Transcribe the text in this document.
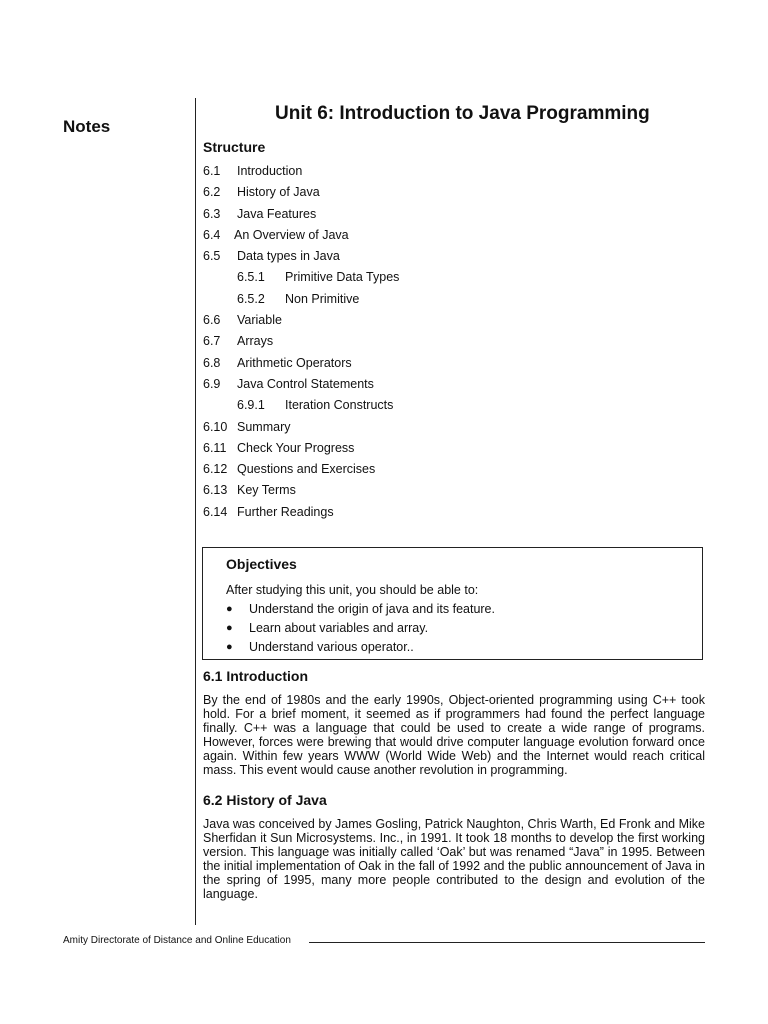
Notes
Unit 6: Introduction to Java Programming
Structure
6.1 Introduction
6.2 History of Java
6.3 Java Features
6.4 An Overview of Java
6.5 Data types in Java
6.5.1 Primitive Data Types
6.5.2 Non Primitive
6.6 Variable
6.7 Arrays
6.8 Arithmetic Operators
6.9 Java Control Statements
6.9.1 Iteration Constructs
6.10 Summary
6.11 Check Your Progress
6.12 Questions and Exercises
6.13 Key Terms
6.14 Further Readings
Objectives
After studying this unit, you should be able to:
● Understand the origin of java and its feature.
● Learn about variables and array.
● Understand various operator..
6.1 Introduction

By the end of 1980s and the early 1990s, Object-oriented programming using C++ took hold. For a brief moment, it seemed as if programmers had found the perfect language finally. C++ was a language that could be used to create a wide range of programs. However, forces were brewing that would drive computer language evolution forward once again. Within few years WWW (World Wide Web) and the Internet would reach critical mass. This event would cause another revolution in programming.

6.2 History of Java

Java was conceived by James Gosling, Patrick Naughton, Chris Warth, Ed Fronk and Mike Sherfidan it Sun Microsystems. Inc., in 1991. It took 18 months to develop the first working version. This language was initially called ‘Oak’ but was renamed “Java” in 1995. Between the initial implementation of Oak in the fall of 1992 and the public announcement of Java in the spring of 1995, many more people contributed to the design and evolution of the language.

Amity Directorate of Distance and Online Education
